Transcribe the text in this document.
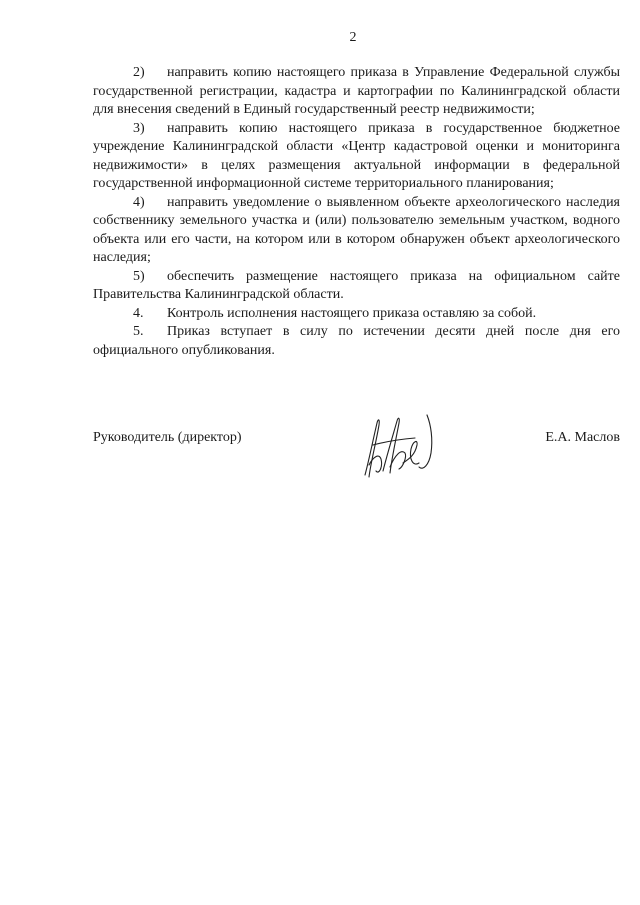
2

2) направить копию настоящего приказа в Управление Федеральной службы государственной регистрации, кадастра и картографии по Калининградской области для внесения сведений в Единый государственный реестр недвижимости;

3) направить копию настоящего приказа в государственное бюджетное учреждение Калининградской области «Центр кадастровой оценки и мониторинга недвижимости» в целях размещения актуальной информации в федеральной государственной информационной системе территориального планирования;

4) направить уведомление о выявленном объекте археологического наследия собственнику земельного участка и (или) пользователю земельным участком, водного объекта или его части, на котором или в котором обнаружен объект археологического наследия;

5) обеспечить размещение настоящего приказа на официальном сайте Правительства Калининградской области.

4. Контроль исполнения настоящего приказа оставляю за собой.

5. Приказ вступает в силу по истечении десяти дней после дня его официального опубликования.

Руководитель (директор)	Е.А. Маслов
